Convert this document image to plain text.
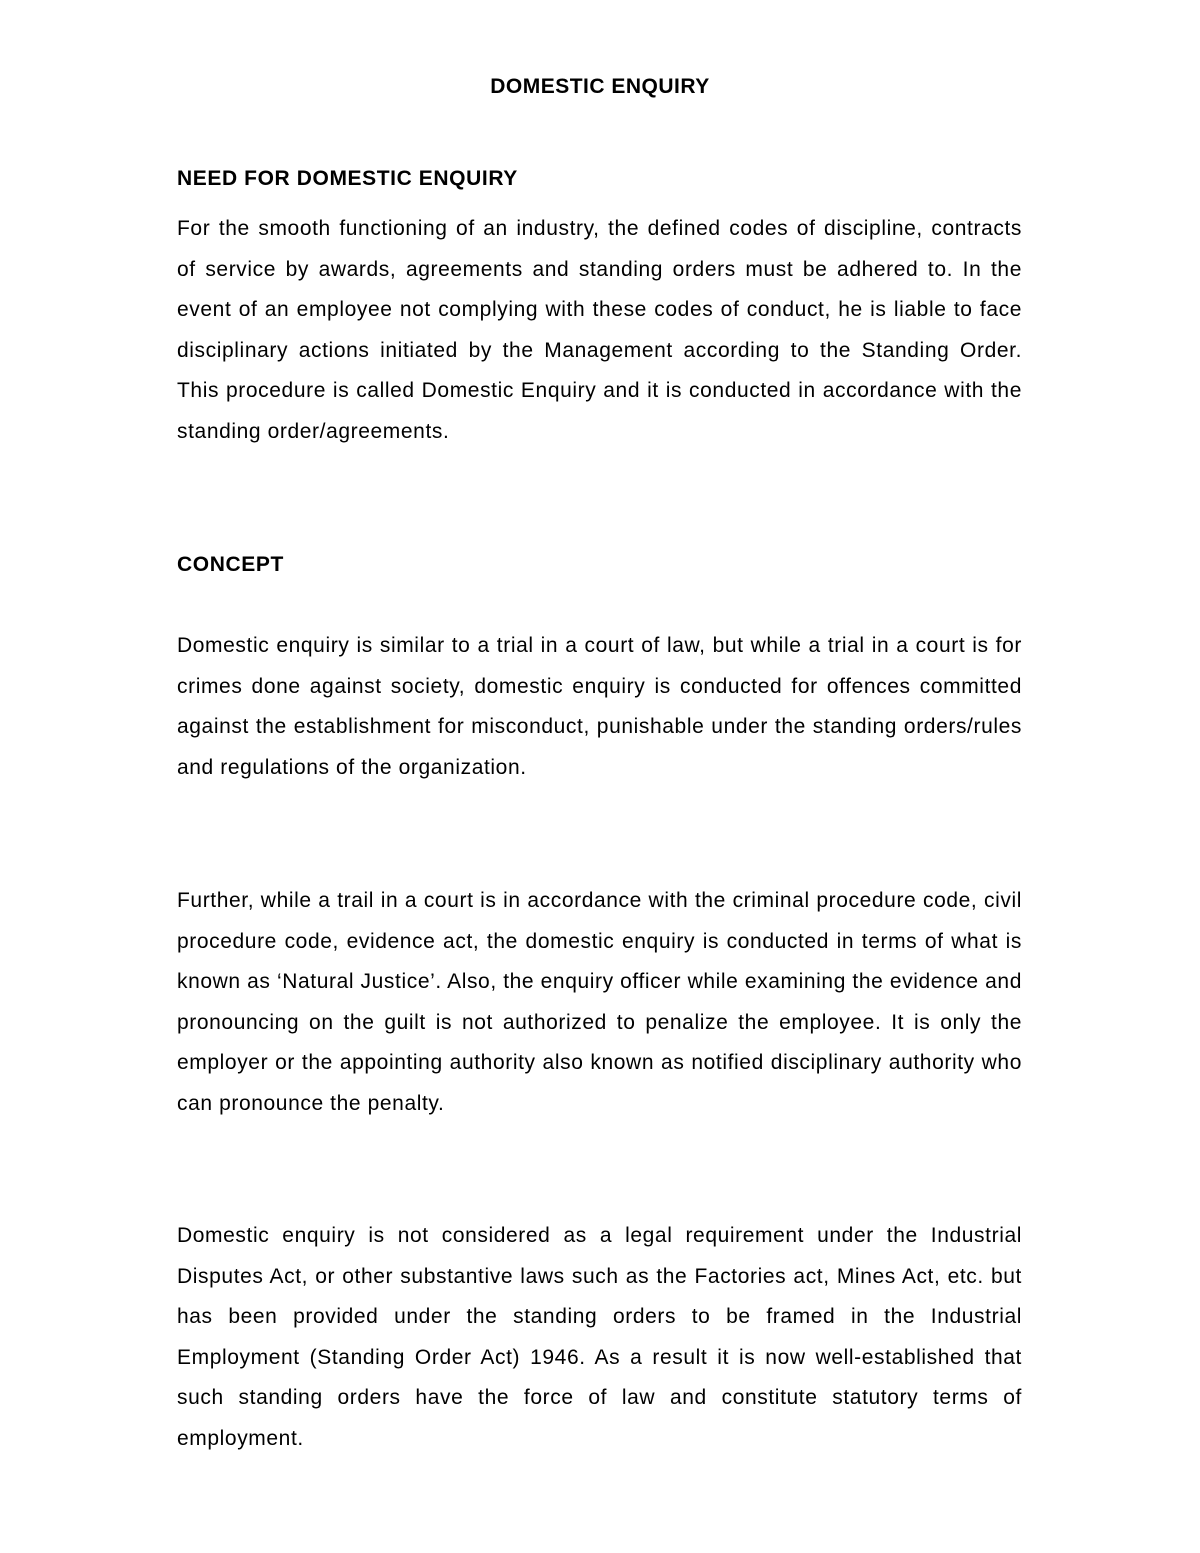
DOMESTIC ENQUIRY
NEED FOR DOMESTIC ENQUIRY

For the smooth functioning of an industry, the defined codes of discipline, contracts of service by awards, agreements and standing orders must be adhered to. In the event of an employee not complying with these codes of conduct, he is liable to face disciplinary actions initiated by the Management according to the Standing Order. This procedure is called Domestic Enquiry and it is conducted in accordance with the standing order/agreements.

CONCEPT

Domestic enquiry is similar to a trial in a court of law, but while a trial in a court is for crimes done against society, domestic enquiry is conducted for offences committed against the establishment for misconduct, punishable under the standing orders/rules and regulations of the organization.

Further, while a trail in a court is in accordance with the criminal procedure code, civil procedure code, evidence act, the domestic enquiry is conducted in terms of what is known as ‘Natural Justice’. Also, the enquiry officer while examining the evidence and pronouncing on the guilt is not authorized to penalize the employee. It is only the employer or the appointing authority also known as notified disciplinary authority who can pronounce the penalty.

Domestic enquiry is not considered as a legal requirement under the Industrial Disputes Act, or other substantive laws such as the Factories act, Mines Act, etc. but has been provided under the standing orders to be framed in the Industrial Employment (Standing Order Act) 1946. As a result it is now well-established that such standing orders have the force of law and constitute statutory terms of employment.
